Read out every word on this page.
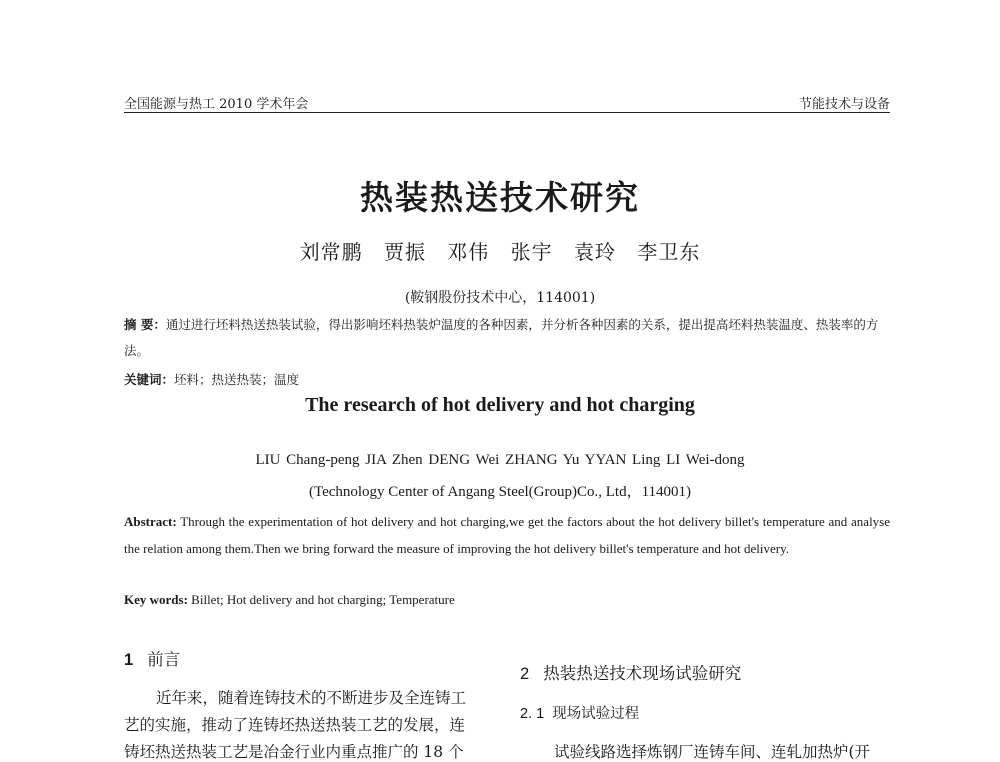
全国能源与热工 2010 学术年会	节能技术与设备
热装热送技术研究
刘常鹏 贾振 邓伟 张宇 袁玲 李卫东
(鞍钢股份技术中心，114001)
摘 要：通过进行坯料热送热装试验，得出影响坯料热装炉温度的各种因素，并分析各种因素的关系，提出提高坯料热装温度、热装率的方法。
关键词：坯料；热送热装；温度
The research of hot delivery and hot charging
LIU Chang-peng JIA Zhen DENG Wei ZHANG Yu YYAN Ling LI Wei-dong
(Technology Center of Angang Steel(Group)Co., Ltd，114001)
Abstract: Through the experimentation of hot delivery and hot charging,we get the factors about the hot delivery billet's temperature and analyse the relation among them.Then we bring forward the measure of improving the hot delivery billet's temperature and hot delivery.
Key words: Billet; Hot delivery and hot charging; Temperature
1 前言
2 热装热送技术现场试验研究
2. 1 现场试验过程
近年来，随着连铸技术的不断进步及全连铸工
艺的实施，推动了连铸坯热送热装工艺的发展，连
铸坯热送热装工艺是冶金行业内重点推广的 18 个	试验线路选择炼钢厂连铸车间、连轧加热炉(开
